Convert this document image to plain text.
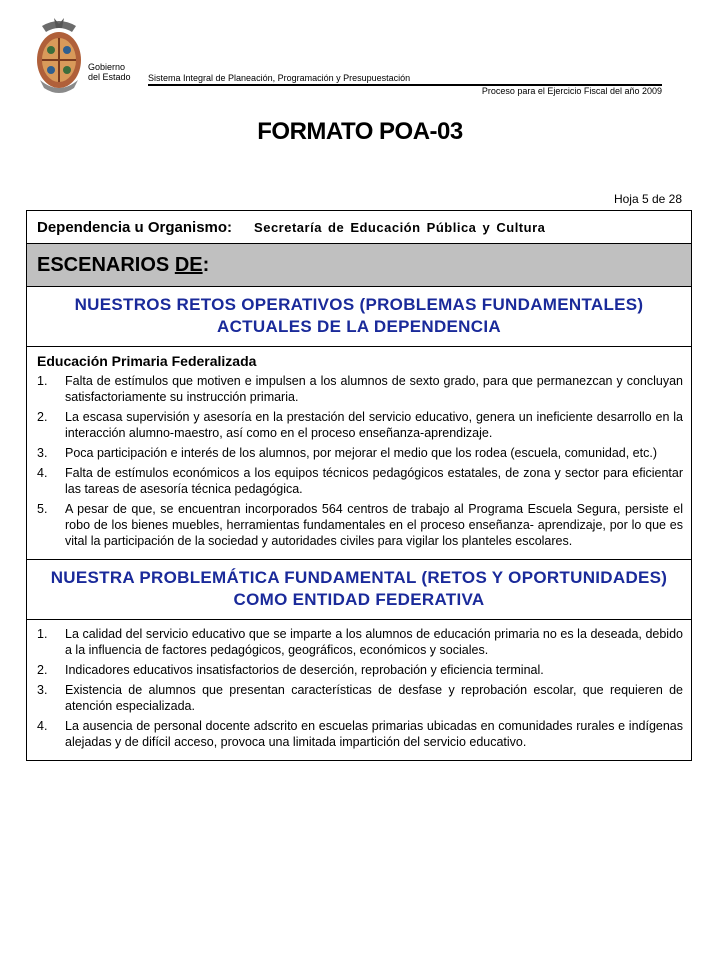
Gobierno
del Estado Sistema Integral de Planeación, Programación y Presupuestación
Proceso para el Ejercicio Fiscal del año 2009
FORMATO POA-03
Hoja 5 de 28
Dependencia u Organismo: Secretaría de Educación Pública y Cultura
ESCENARIOS DE :
NUESTROS RETOS OPERATIVOS (PROBLEMAS FUNDAMENTALES) ACTUALES DE LA DEPENDENCIA
Educación Primaria Federalizada
1.	Falta de estímulos que motiven e impulsen a los alumnos de sexto grado, para que permanezcan y concluyan satisfactoriamente su instrucción primaria.
2.	La escasa supervisión y asesoría en la prestación del servicio educativo, genera un ineficiente desarrollo en la interacción alumno-maestro, así como en el proceso enseñanza-aprendizaje.
3.	Poca participación e interés de los alumnos, por mejorar el medio que los rodea (escuela, comunidad, etc.)
4.	Falta de estímulos económicos a los equipos técnicos pedagógicos estatales, de zona y sector para eficientar las tareas de asesoría técnica pedagógica.
5.	A pesar de que, se encuentran incorporados 564 centros de trabajo al Programa Escuela Segura, persiste el robo de los bienes muebles, herramientas fundamentales en el proceso enseñanza- aprendizaje, por lo que es vital la participación de la sociedad y autoridades civiles para vigilar los planteles escolares.
NUESTRA PROBLEMÁTICA FUNDAMENTAL (RETOS Y OPORTUNIDADES) COMO ENTIDAD FEDERATIVA
1.	La calidad del servicio educativo que se imparte a los alumnos de educación primaria no es la deseada, debido a la influencia de factores pedagógicos, geográficos, económicos y sociales.
2.	Indicadores educativos insatisfactorios de deserción, reprobación y eficiencia terminal.
3.	Existencia de alumnos que presentan características de desfase y reprobación escolar, que requieren de atención especializada.
4.	La ausencia de personal docente adscrito en escuelas primarias ubicadas en comunidades rurales e indígenas alejadas y de difícil acceso, provoca una limitada impartición del servicio educativo.
